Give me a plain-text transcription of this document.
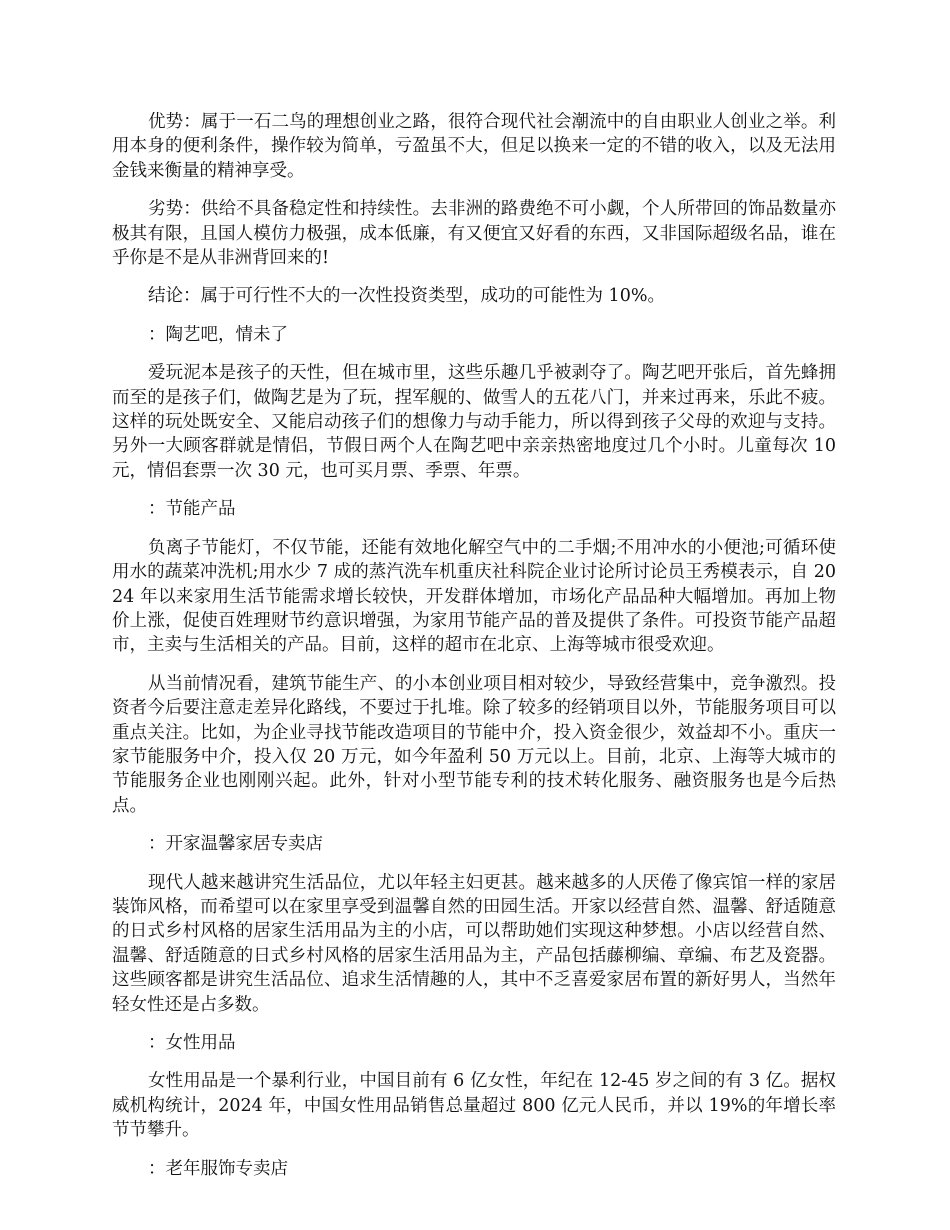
优势：属于一石二鸟的理想创业之路，很符合现代社会潮流中的自由职业人创业之举。利用本身的便利条件，操作较为简单，亏盈虽不大，但足以换来一定的不错的收入，以及无法用金钱来衡量的精神享受。

劣势：供给不具备稳定性和持续性。去非洲的路费绝不可小觑，个人所带回的饰品数量亦极其有限，且国人模仿力极强，成本低廉，有又便宜又好看的东西，又非国际超级名品，谁在乎你是不是从非洲背回来的!

结论：属于可行性不大的一次性投资类型，成功的可能性为 10%。

：陶艺吧，情未了

爱玩泥本是孩子的天性，但在城市里，这些乐趣几乎被剥夺了。陶艺吧开张后，首先蜂拥而至的是孩子们，做陶艺是为了玩，捏军舰的、做雪人的五花八门，并来过再来，乐此不疲。这样的玩处既安全、又能启动孩子们的想像力与动手能力，所以得到孩子父母的欢迎与支持。另外一大顾客群就是情侣，节假日两个人在陶艺吧中亲亲热密地度过几个小时。儿童每次 10 元，情侣套票一次 30 元，也可买月票、季票、年票。

：节能产品

负离子节能灯，不仅节能，还能有效地化解空气中的二手烟;不用冲水的小便池;可循环使用水的蔬菜冲洗机;用水少 7 成的蒸汽洗车机重庆社科院企业讨论所讨论员王秀模表示，自 2024 年以来家用生活节能需求增长较快，开发群体增加，市场化产品品种大幅增加。再加上物价上涨，促使百姓理财节约意识增强，为家用节能产品的普及提供了条件。可投资节能产品超市，主卖与生活相关的产品。目前，这样的超市在北京、上海等城市很受欢迎。

从当前情况看，建筑节能生产、的小本创业项目相对较少，导致经营集中，竞争激烈。投资者今后要注意走差异化路线，不要过于扎堆。除了较多的经销项目以外，节能服务项目可以重点关注。比如，为企业寻找节能改造项目的节能中介，投入资金很少，效益却不小。重庆一家节能服务中介，投入仅 20 万元，如今年盈利 50 万元以上。目前，北京、上海等大城市的节能服务企业也刚刚兴起。此外，针对小型节能专利的技术转化服务、融资服务也是今后热点。

：开家温馨家居专卖店

现代人越来越讲究生活品位，尤以年轻主妇更甚。越来越多的人厌倦了像宾馆一样的家居装饰风格，而希望可以在家里享受到温馨自然的田园生活。开家以经营自然、温馨、舒适随意的日式乡村风格的居家生活用品为主的小店，可以帮助她们实现这种梦想。小店以经营自然、温馨、舒适随意的日式乡村风格的居家生活用品为主，产品包括藤柳编、章编、布艺及瓷器。这些顾客都是讲究生活品位、追求生活情趣的人，其中不乏喜爱家居布置的新好男人，当然年轻女性还是占多数。

：女性用品

女性用品是一个暴利行业，中国目前有 6 亿女性，年纪在 12-45 岁之间的有 3 亿。据权威机构统计，2024 年，中国女性用品销售总量超过 800 亿元人民币，并以 19%的年增长率节节攀升。

：老年服饰专卖店
